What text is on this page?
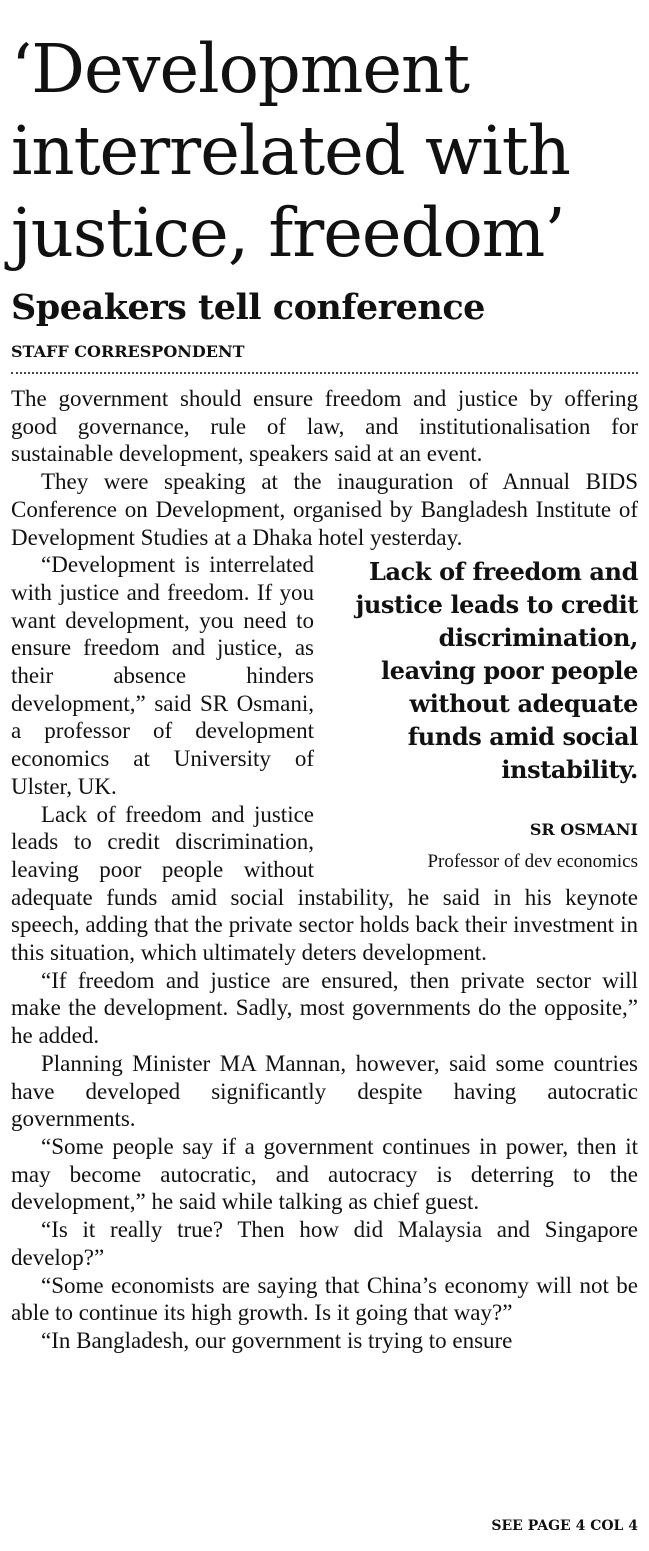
‘Development interrelated with justice, freedom’
Speakers tell conference
STAFF CORRESPONDENT

The government should ensure freedom and justice by offering good governance, rule of law, and institutionalisation for sustainable development, speakers said at an event.

They were speaking at the inauguration of Annual BIDS Conference on Development, organised by Bangladesh Institute of Development Studies at a Dhaka hotel yesterday.

Lack of freedom and justice leads to credit discrimination, leaving poor people without adequate funds amid social instability.
SR OSMANI
Professor of dev economics

“Development is interrelated with justice and freedom. If you want development, you need to ensure freedom and justice, as their absence hinders development,” said SR Osmani, a professor of development economics at University of Ulster, UK.

Lack of freedom and justice leads to credit discrimination, leaving poor people without adequate funds amid social instability, he said in his keynote speech, adding that the private sector holds back their investment in this situation, which ultimately deters development.

“If freedom and justice are ensured, then private sector will make the development. Sadly, most governments do the opposite,” he added.

Planning Minister MA Mannan, however, said some countries have developed significantly despite having autocratic governments.

“Some people say if a government continues in power, then it may become autocratic, and autocracy is deterring to the development,” he said while talking as chief guest.

“Is it really true? Then how did Malaysia and Singapore develop?”

“Some economists are saying that China’s economy will not be able to continue its high growth. Is it going that way?”

“In Bangladesh, our government is trying to ensure

SEE PAGE 4 COL 4
